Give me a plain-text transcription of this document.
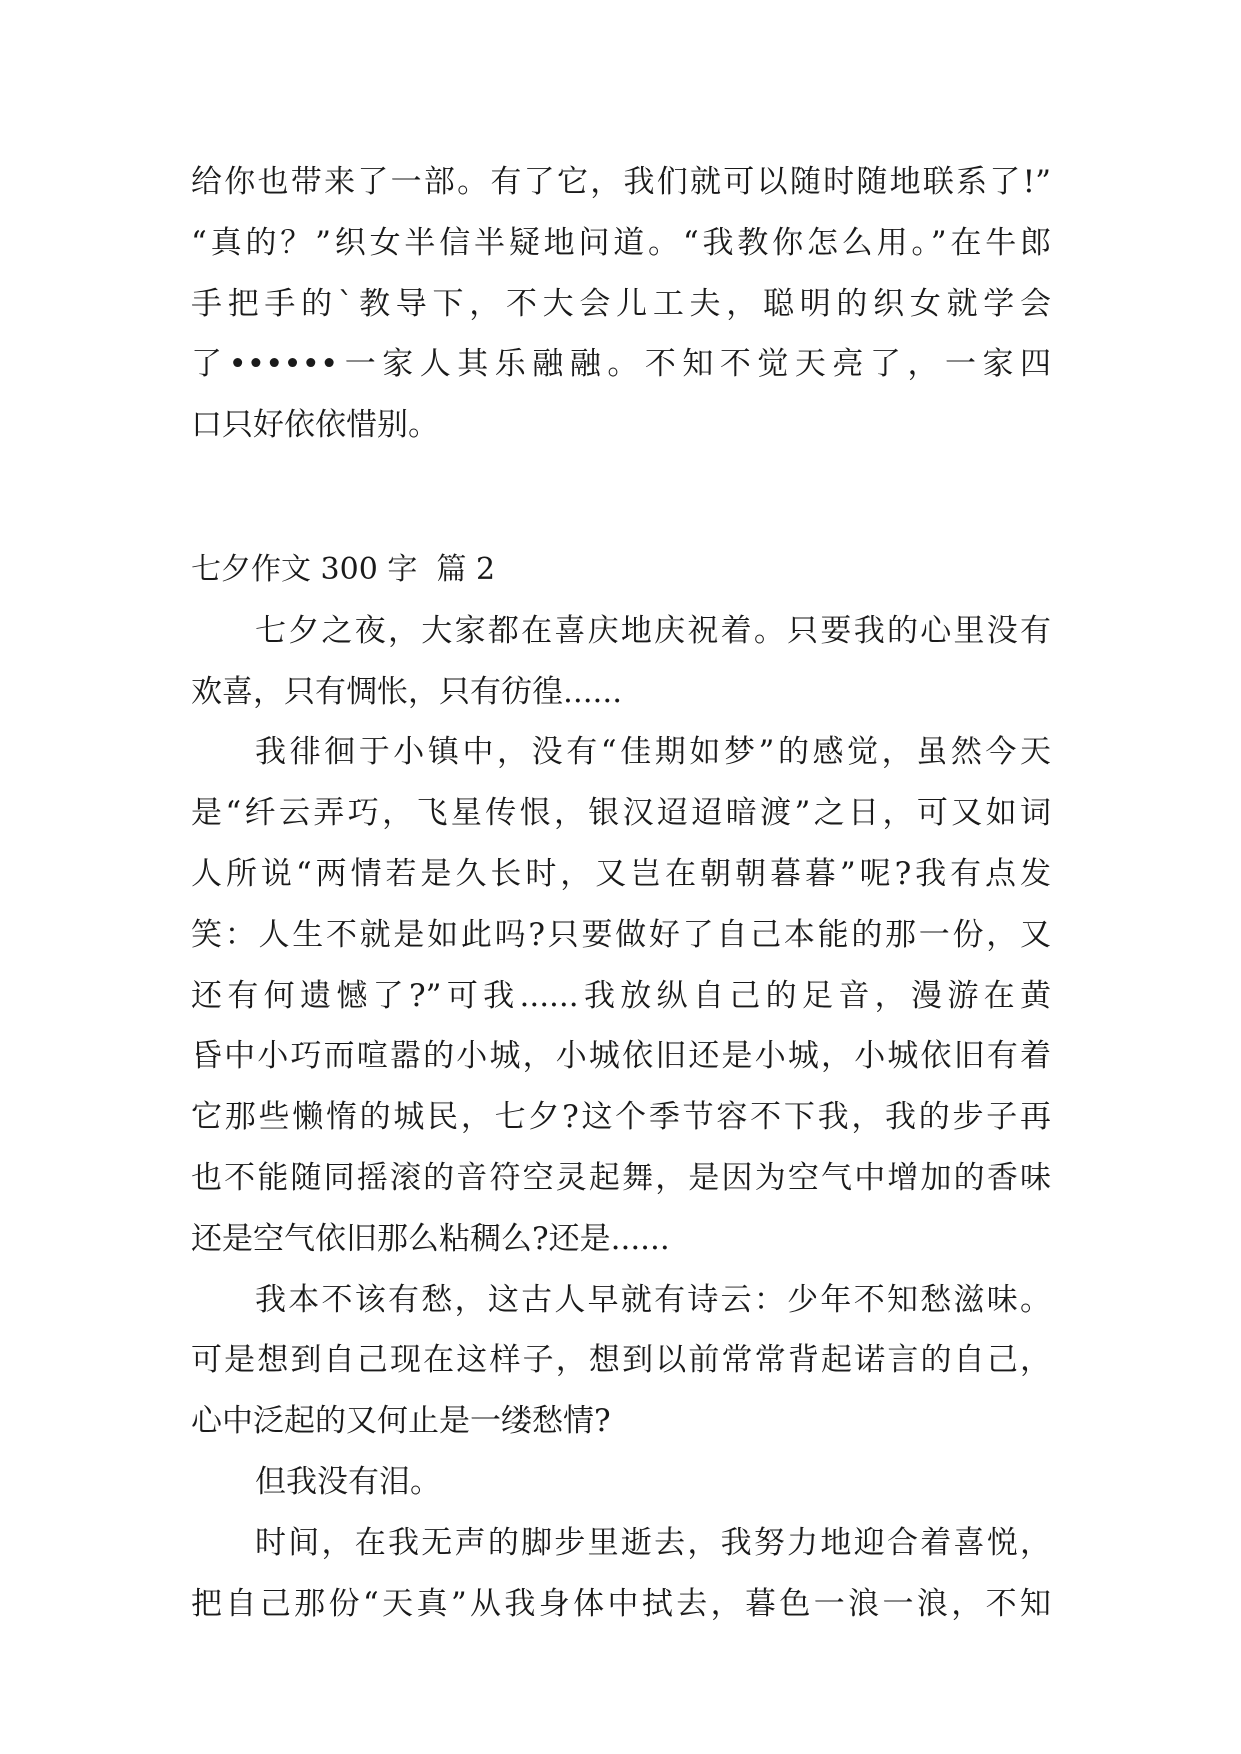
给你也带来了一部。有了它，我们就可以随时随地联系了!”
“真的？”织女半信半疑地问道。“我教你怎么用。”在牛郎
手把手的`教导下，不大会儿工夫，聪明的织女就学会
了••••••一家人其乐融融。不知不觉天亮了，一家四
口只好依依惜别。
七夕作文 300 字 篇 2
七夕之夜，大家都在喜庆地庆祝着。只要我的心里没有
欢喜，只有惆怅，只有彷徨......
我徘徊于小镇中，没有“佳期如梦”的感觉，虽然今天
是“纤云弄巧，飞星传恨，银汉迢迢暗渡”之日，可又如词
人所说“两情若是久长时，又岂在朝朝暮暮”呢?我有点发
笑：人生不就是如此吗?只要做好了自己本能的那一份，又
还有何遗憾了?”可我......我放纵自己的足音，漫游在黄
昏中小巧而喧嚣的小城，小城依旧还是小城，小城依旧有着
它那些懒惰的城民，七夕?这个季节容不下我，我的步子再
也不能随同摇滚的音符空灵起舞，是因为空气中增加的香味
还是空气依旧那么粘稠么?还是......
我本不该有愁，这古人早就有诗云：少年不知愁滋味。
可是想到自己现在这样子，想到以前常常背起诺言的自己，
心中泛起的又何止是一缕愁情?
但我没有泪。
时间，在我无声的脚步里逝去，我努力地迎合着喜悦，
把自己那份“天真”从我身体中拭去，暮色一浪一浪，不知
